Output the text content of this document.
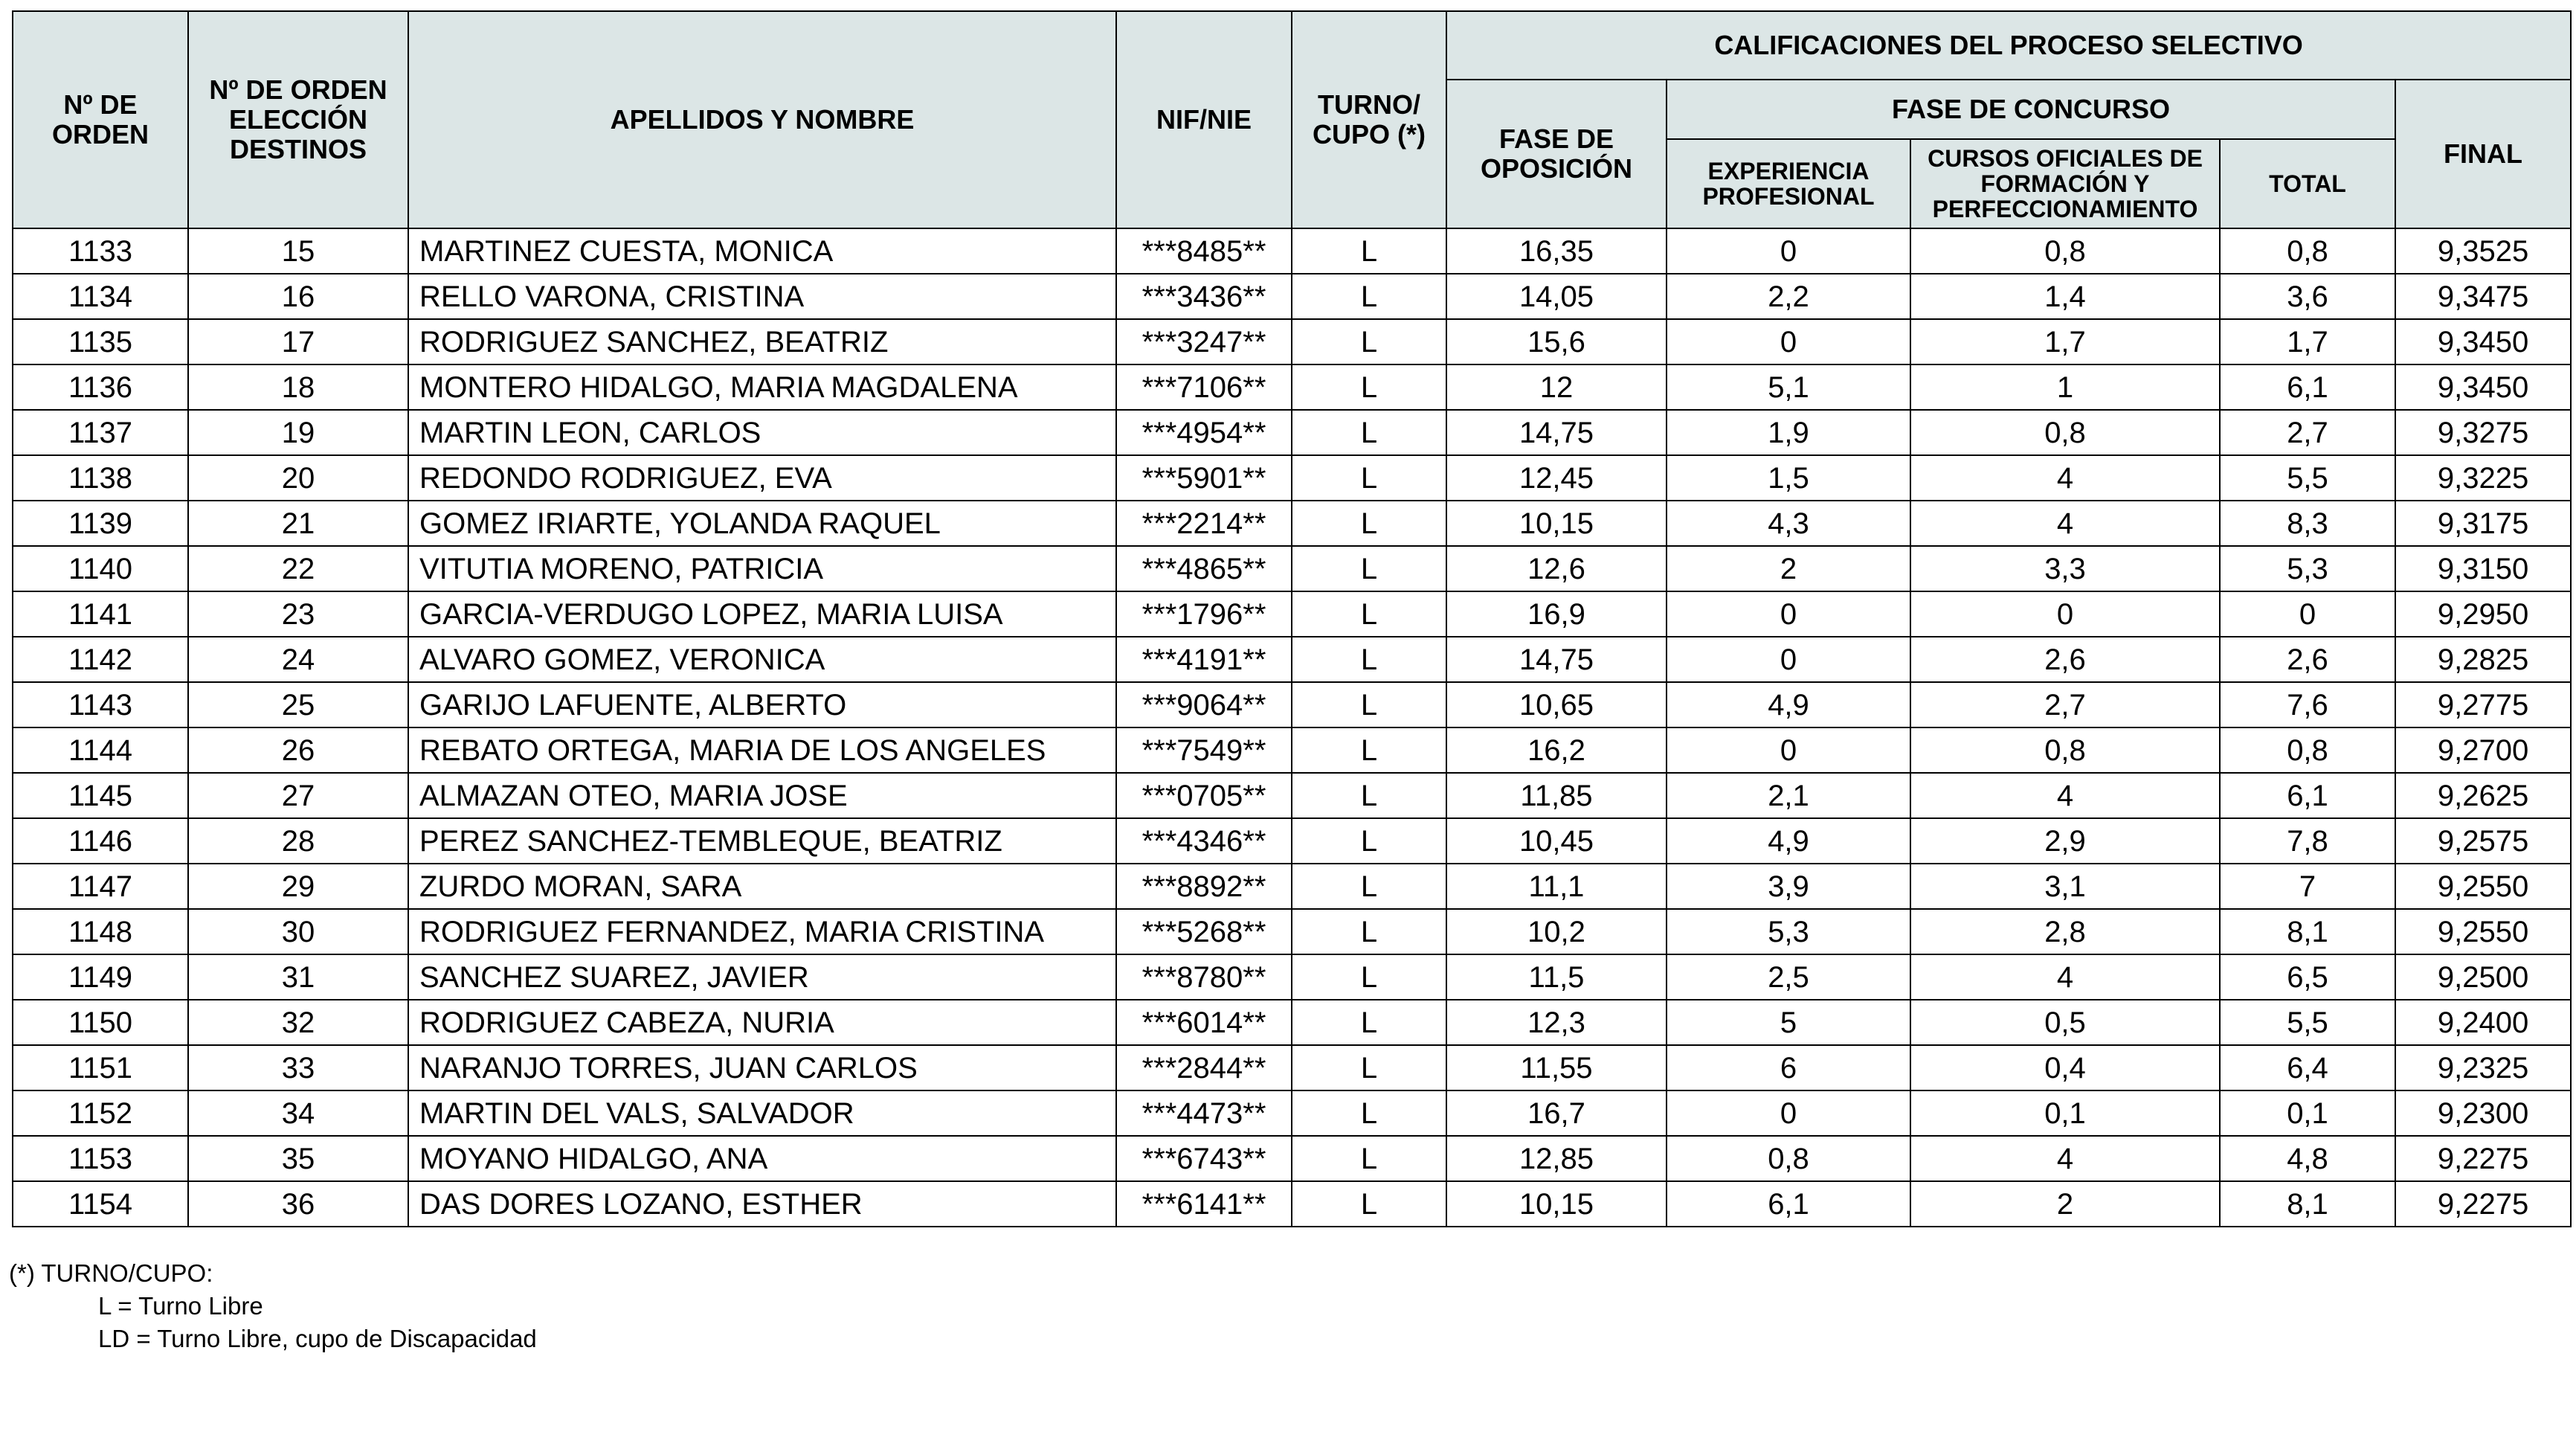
Nº DE ORDEN	Nº DE ORDEN ELECCIÓN DESTINOS	APELLIDOS Y NOMBRE	NIF/NIE	TURNO/ CUPO (*)	CALIFICACIONES DEL PROCESO SELECTIVO				
					FASE DE OPOSICIÓN	FASE DE CONCURSO			FINAL
						EXPERIENCIA PROFESIONAL	CURSOS OFICIALES DE FORMACIÓN Y PERFECCIONAMIENTO	TOTAL	
1133	15	MARTINEZ CUESTA, MONICA	***8485**	L	16,35	0	0,8	0,8	9,3525
1134	16	RELLO VARONA, CRISTINA	***3436**	L	14,05	2,2	1,4	3,6	9,3475
1135	17	RODRIGUEZ SANCHEZ, BEATRIZ	***3247**	L	15,6	0	1,7	1,7	9,3450
1136	18	MONTERO HIDALGO, MARIA MAGDALENA	***7106**	L	12	5,1	1	6,1	9,3450
1137	19	MARTIN LEON, CARLOS	***4954**	L	14,75	1,9	0,8	2,7	9,3275
1138	20	REDONDO RODRIGUEZ, EVA	***5901**	L	12,45	1,5	4	5,5	9,3225
1139	21	GOMEZ IRIARTE, YOLANDA RAQUEL	***2214**	L	10,15	4,3	4	8,3	9,3175
1140	22	VITUTIA MORENO, PATRICIA	***4865**	L	12,6	2	3,3	5,3	9,3150
1141	23	GARCIA-VERDUGO LOPEZ, MARIA LUISA	***1796**	L	16,9	0	0	0	9,2950
1142	24	ALVARO GOMEZ, VERONICA	***4191**	L	14,75	0	2,6	2,6	9,2825
1143	25	GARIJO LAFUENTE, ALBERTO	***9064**	L	10,65	4,9	2,7	7,6	9,2775
1144	26	REBATO ORTEGA, MARIA DE LOS ANGELES	***7549**	L	16,2	0	0,8	0,8	9,2700
1145	27	ALMAZAN OTEO, MARIA JOSE	***0705**	L	11,85	2,1	4	6,1	9,2625
1146	28	PEREZ SANCHEZ-TEMBLEQUE, BEATRIZ	***4346**	L	10,45	4,9	2,9	7,8	9,2575
1147	29	ZURDO MORAN, SARA	***8892**	L	11,1	3,9	3,1	7	9,2550
1148	30	RODRIGUEZ FERNANDEZ, MARIA CRISTINA	***5268**	L	10,2	5,3	2,8	8,1	9,2550
1149	31	SANCHEZ SUAREZ, JAVIER	***8780**	L	11,5	2,5	4	6,5	9,2500
1150	32	RODRIGUEZ CABEZA, NURIA	***6014**	L	12,3	5	0,5	5,5	9,2400
1151	33	NARANJO TORRES, JUAN CARLOS	***2844**	L	11,55	6	0,4	6,4	9,2325
1152	34	MARTIN DEL VALS, SALVADOR	***4473**	L	16,7	0	0,1	0,1	9,2300
1153	35	MOYANO HIDALGO, ANA	***6743**	L	12,85	0,8	4	4,8	9,2275
1154	36	DAS DORES LOZANO, ESTHER	***6141**	L	10,15	6,1	2	8,1	9,2275
(*) TURNO/CUPO:
L = Turno Libre
LD = Turno Libre, cupo de Discapacidad
